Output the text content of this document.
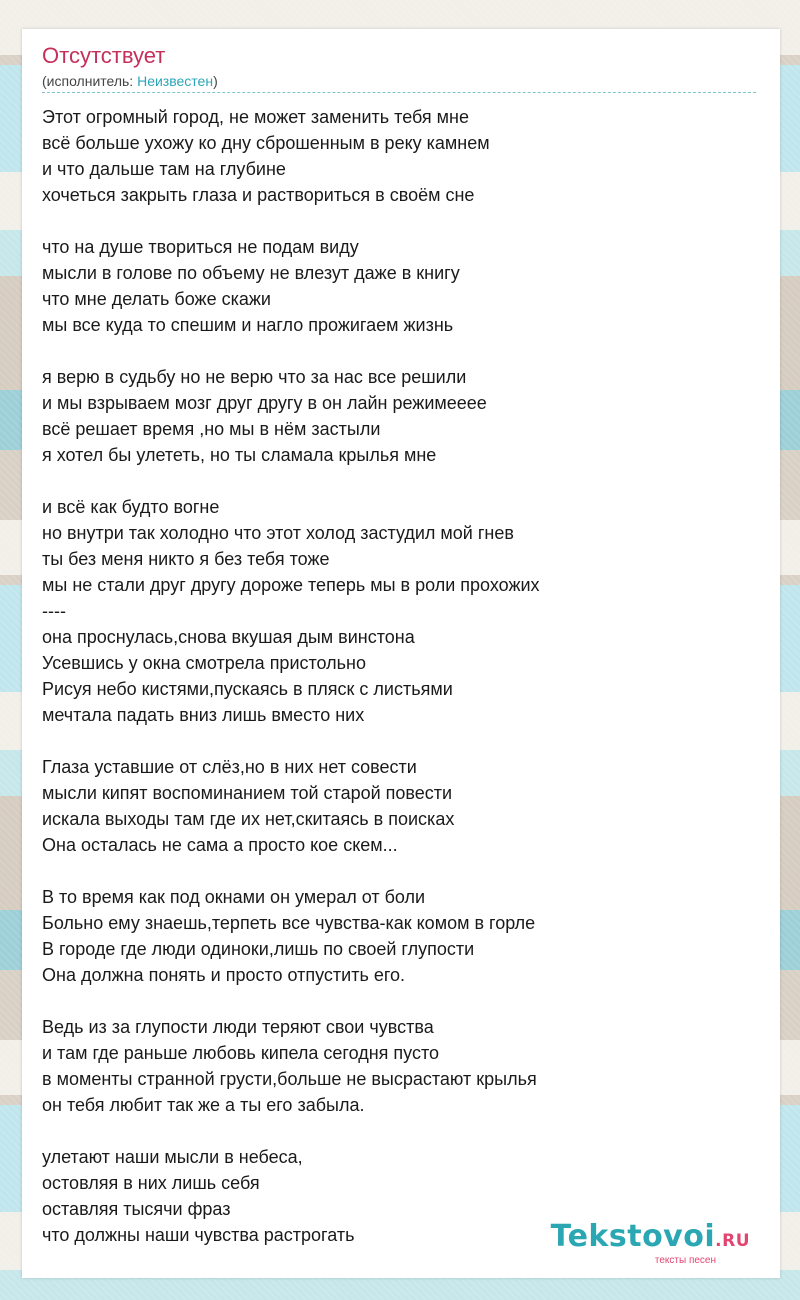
Отсутствует
(исполнитель: Неизвестен)
Этот огромный город, не может заменить тебя мне
всё больше ухожу ко дну сброшенным в реку камнем
и что дальше там на глубине
хочеться закрыть глаза и раствориться в своём сне
что на душе твориться не подам виду
мысли в голове по объему не влезут даже в книгу
что мне делать боже скажи
мы все куда то спешим и нагло прожигаем жизнь
я верю в судьбу но не верю что за нас все решили
и мы взрываем мозг друг другу в он лайн режимееее
всё решает время ,но мы в нём застыли
я хотел бы улететь, но ты сламала крылья мне
и всё как будто вогне
но внутри так холодно что этот холод застудил мой гнев
ты без меня никто я без тебя тоже
мы не стали друг другу дороже теперь мы в роли прохожих
----
она проснулась,снова вкушая дым винстона
Усевшись у окна смотрела пристольно
Рисуя небо кистями,пускаясь в пляск с листьями
мечтала падать вниз лишь вместо них
Глаза уставшие от слёз,но в них нет совести
мысли кипят воспоминанием той старой повести
искала выходы там где их нет,скитаясь в поисках
Она осталась не сама а просто кое скем...
В то время как под окнами он умерал от боли
Больно ему знаешь,терпеть все чувства-как комом в горле
В городе где люди одиноки,лишь по своей глупости
Она должна понять и просто отпустить его.
Ведь из за глупости люди теряют свои чувства
и там где раньше любовь кипела сегодня пусто
в моменты странной грусти,больше не высрастают крылья
он тебя любит так же а ты его забыла.
улетают наши мысли в небеса,
остовляя в них лишь себя
оставляя тысячи фраз
что должны наши чувства растрогать	Tekstovoi.RU
тексты песен
